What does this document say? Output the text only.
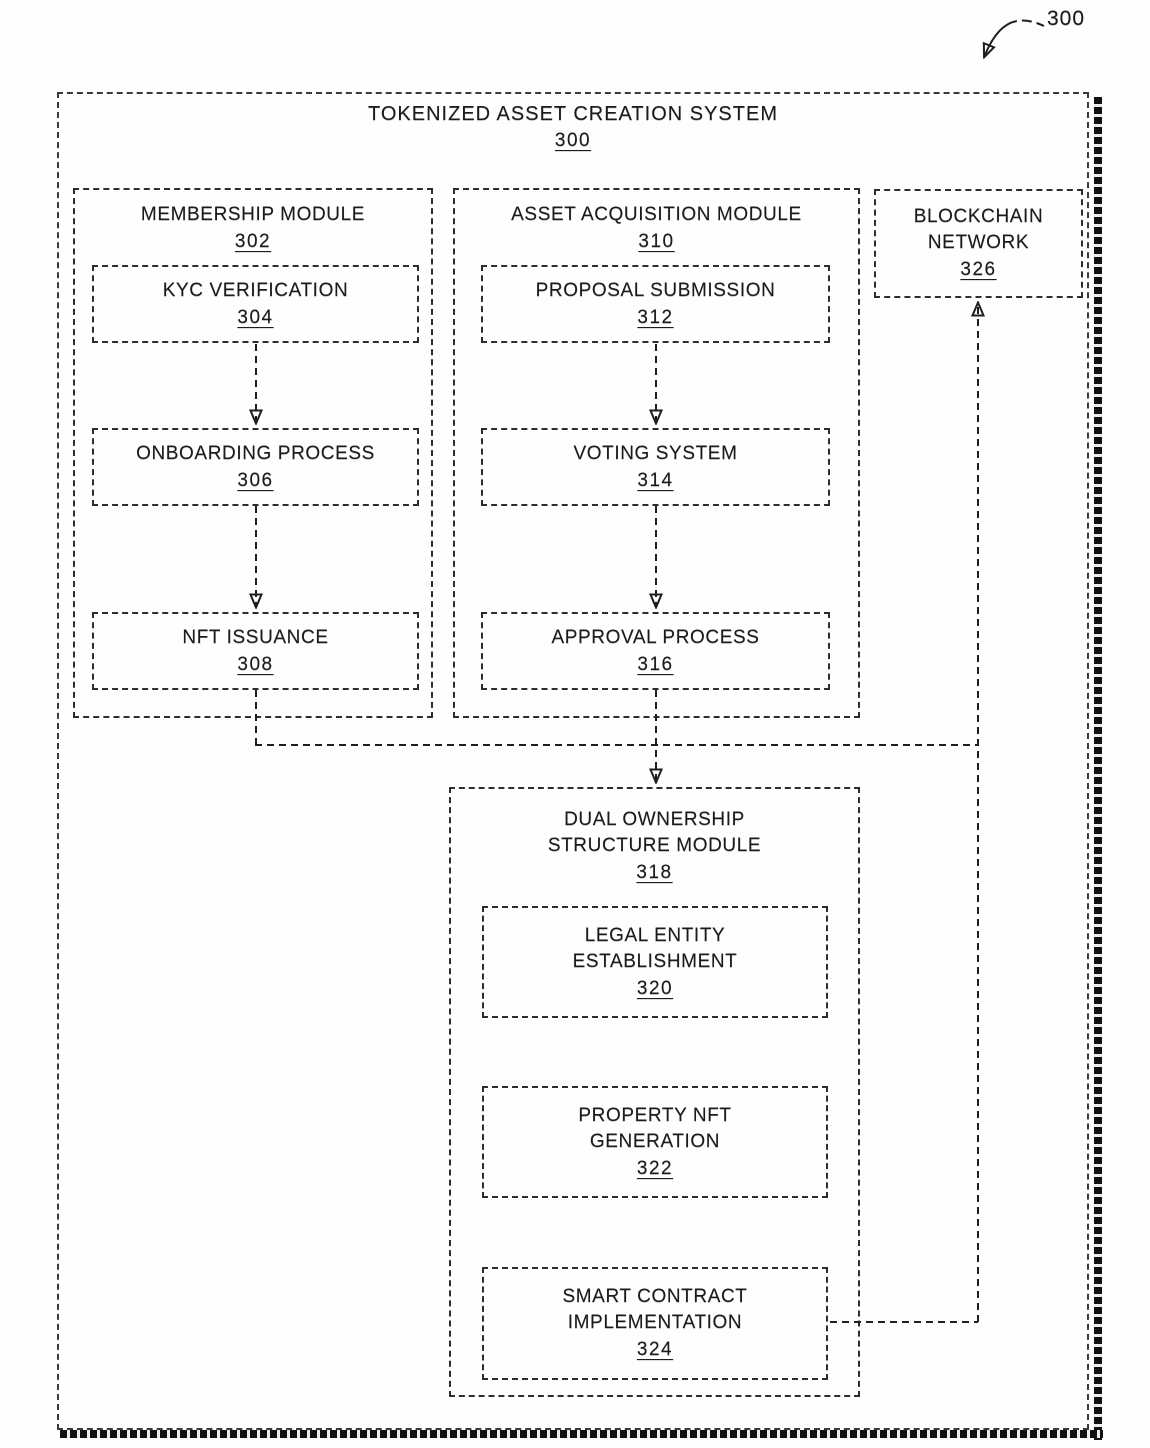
300
TOKENIZED ASSET CREATION SYSTEM
300
MEMBERSHIP MODULE
302
KYC VERIFICATION
304
ONBOARDING PROCESS
306
NFT ISSUANCE
308
ASSET ACQUISITION MODULE
310
PROPOSAL SUBMISSION
312
VOTING SYSTEM
314
APPROVAL PROCESS
316
BLOCKCHAIN
NETWORK
326
DUAL OWNERSHIP
STRUCTURE MODULE
318
LEGAL ENTITY
ESTABLISHMENT
320
PROPERTY NFT
GENERATION
322
SMART CONTRACT
IMPLEMENTATION
324
